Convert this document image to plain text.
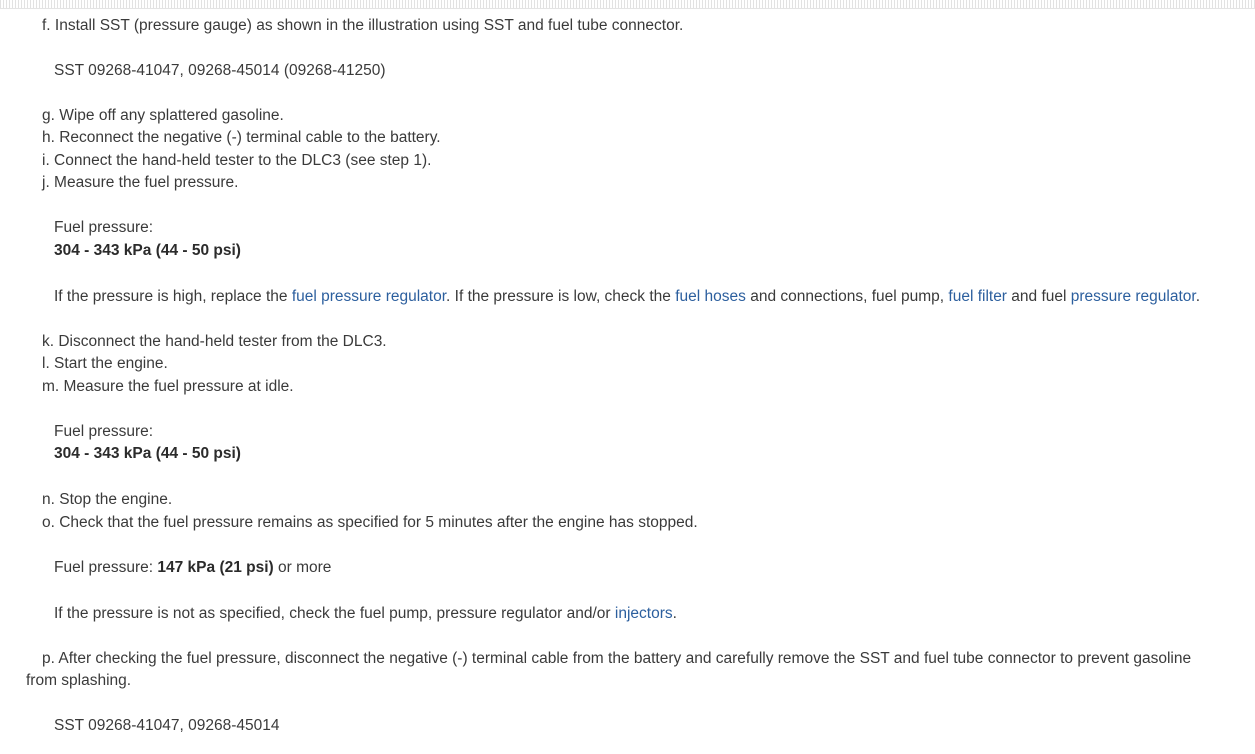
f. Install SST (pressure gauge) as shown in the illustration using SST and fuel tube connector.
SST 09268-41047, 09268-45014 (09268-41250)
g. Wipe off any splattered gasoline.
h. Reconnect the negative (-) terminal cable to the battery.
i. Connect the hand-held tester to the DLC3 (see step 1).
j. Measure the fuel pressure.
Fuel pressure:
304 - 343 kPa (44 - 50 psi)
If the pressure is high, replace the fuel pressure regulator. If the pressure is low, check the fuel hoses and connections, fuel pump, fuel filter and fuel pressure regulator.
k. Disconnect the hand-held tester from the DLC3.
l. Start the engine.
m. Measure the fuel pressure at idle.
Fuel pressure:
304 - 343 kPa (44 - 50 psi)
n. Stop the engine.
o. Check that the fuel pressure remains as specified for 5 minutes after the engine has stopped.
Fuel pressure: 147 kPa (21 psi) or more
If the pressure is not as specified, check the fuel pump, pressure regulator and/or injectors.
p. After checking the fuel pressure, disconnect the negative (-) terminal cable from the battery and carefully remove the SST and fuel tube connector to prevent gasoline
from splashing.
SST 09268-41047, 09268-45014
